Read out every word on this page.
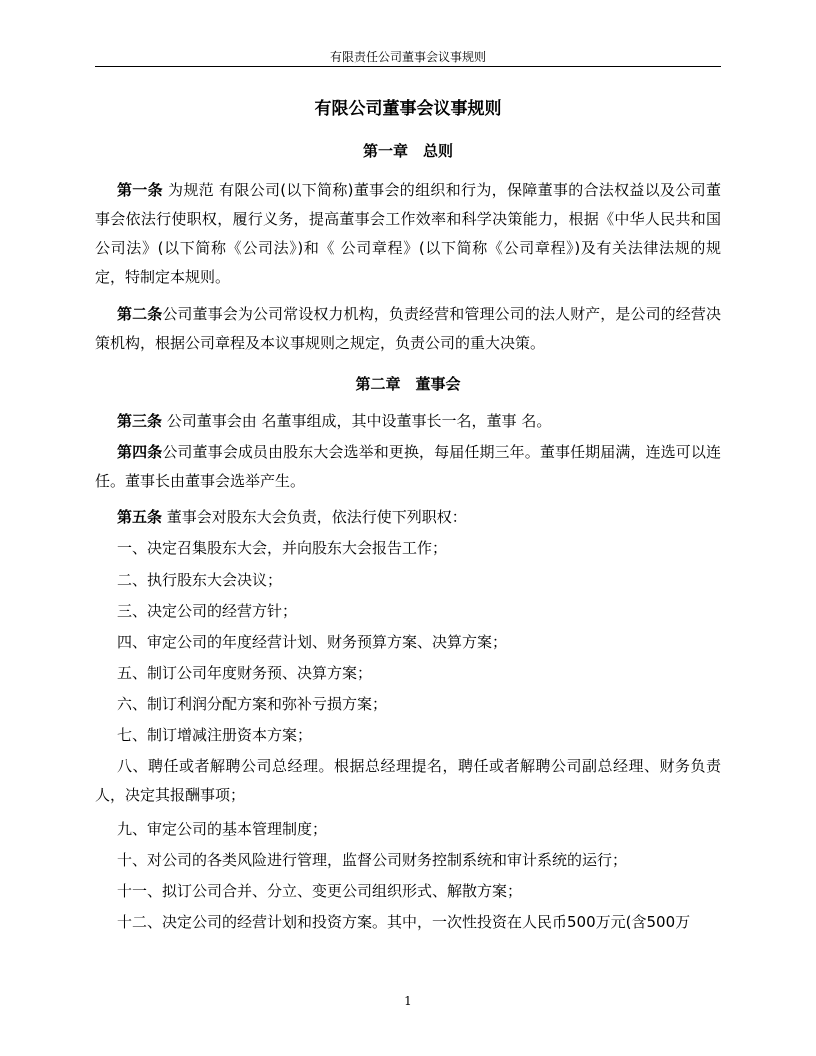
有限责任公司董事会议事规则
有限公司董事会议事规则
第一章　总则
第一条 为规范 有限公司(以下简称)董事会的组织和行为，保障董事的合法权益以及公司董事会依法行使职权，履行义务，提高董事会工作效率和科学决策能力，根据《中华人民共和国公司法》(以下简称《公司法》)和《 公司章程》(以下简称《公司章程》)及有关法律法规的规定，特制定本规则。
第二条公司董事会为公司常设权力机构，负责经营和管理公司的法人财产，是公司的经营决策机构，根据公司章程及本议事规则之规定，负责公司的重大决策。
第二章　董事会
第三条 公司董事会由 名董事组成，其中设董事长一名，董事 名。
第四条公司董事会成员由股东大会选举和更换，每届任期三年。董事任期届满，连选可以连任。董事长由董事会选举产生。
第五条 董事会对股东大会负责，依法行使下列职权：
一、决定召集股东大会，并向股东大会报告工作；
二、执行股东大会决议；
三、决定公司的经营方针；
四、审定公司的年度经营计划、财务预算方案、决算方案；
五、制订公司年度财务预、决算方案；
六、制订利润分配方案和弥补亏损方案；
七、制订增减注册资本方案；
八、聘任或者解聘公司总经理。根据总经理提名，聘任或者解聘公司副总经理、财务负责人，决定其报酬事项；
九、审定公司的基本管理制度；
十、对公司的各类风险进行管理，监督公司财务控制系统和审计系统的运行；
十一、拟订公司合并、分立、变更公司组织形式、解散方案；
十二、决定公司的经营计划和投资方案。其中，一次性投资在人民币500万元(含500万
1
